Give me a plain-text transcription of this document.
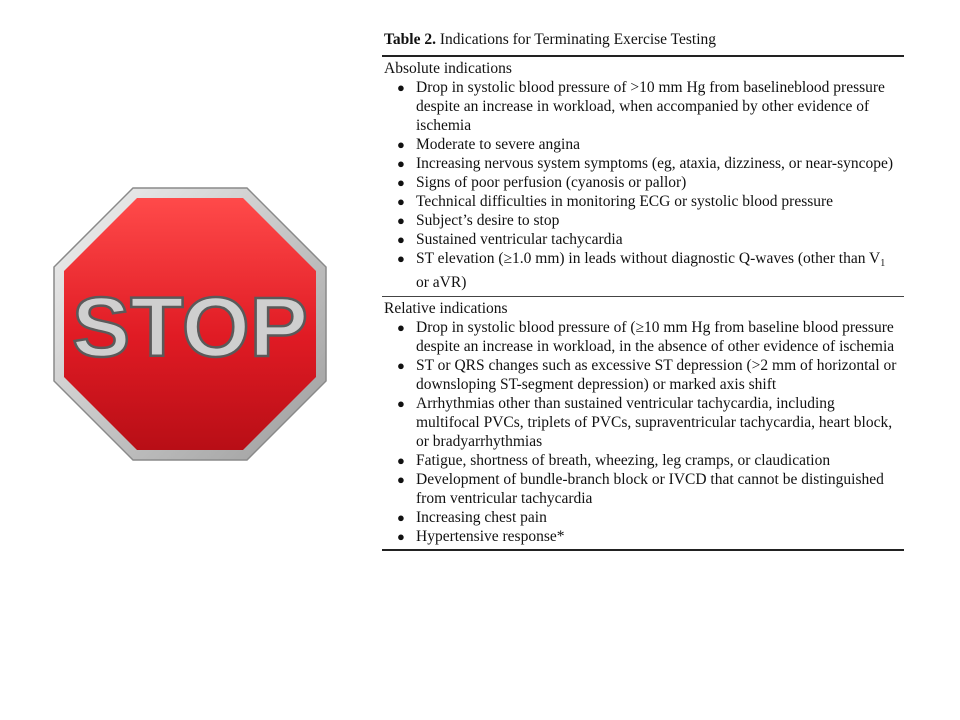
STOP
Table 2. Indications for Terminating Exercise Testing
Absolute indications
● Drop in systolic blood pressure of >10 mm Hg from baselineblood pressure despite an increase in workload, when accompanied by other evidence of ischemia
● Moderate to severe angina
● Increasing nervous system symptoms (eg, ataxia, dizziness, or near-syncope)
● Signs of poor perfusion (cyanosis or pallor)
● Technical difficulties in monitoring ECG or systolic blood pressure
● Subject’s desire to stop
● Sustained ventricular tachycardia
● ST elevation (≥1.0 mm) in leads without diagnostic Q-waves (other than $V_1$ or aVR)
Relative indications
● Drop in systolic blood pressure of (≥10 mm Hg from baseline blood pressure despite an increase in workload, in the absence of other evidence of ischemia
● ST or QRS changes such as excessive ST depression (>2 mm of horizontal or downsloping ST-segment depression) or marked axis shift
● Arrhythmias other than sustained ventricular tachycardia, including multifocal PVCs, triplets of PVCs, supraventricular tachycardia, heart block, or bradyarrhythmias
● Fatigue, shortness of breath, wheezing, leg cramps, or claudication
● Development of bundle-branch block or IVCD that cannot be distinguished from ventricular tachycardia
● Increasing chest pain
● Hypertensive response*
